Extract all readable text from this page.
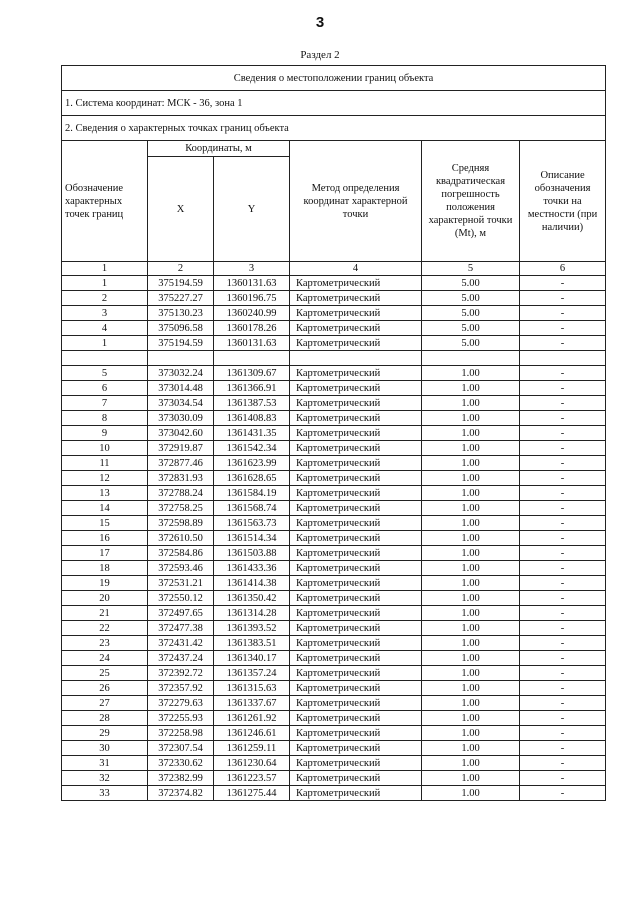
3
Раздел 2
Сведения о местоположении границ объекта					
1. Система координат: МСК - 36, зона 1					
2. Сведения о характерных точках границ объекта					
Обозначение характерных точек границ	Координаты, м		Метод определения координат характерной точки	Средняя квадратическая погрешность положения характерной точки (Mt), м	Описание обозначения точки на местности (при наличии)
	X	Y			
1	2	3	4	5	6
1	375194.59	1360131.63	Картометрический	5.00	-
2	375227.27	1360196.75	Картометрический	5.00	-
3	375130.23	1360240.99	Картометрический	5.00	-
4	375096.58	1360178.26	Картометрический	5.00	-
1	375194.59	1360131.63	Картометрический	5.00	-

5	373032.24	1361309.67	Картометрический	1.00	-
6	373014.48	1361366.91	Картометрический	1.00	-
7	373034.54	1361387.53	Картометрический	1.00	-
8	373030.09	1361408.83	Картометрический	1.00	-
9	373042.60	1361431.35	Картометрический	1.00	-
10	372919.87	1361542.34	Картометрический	1.00	-
11	372877.46	1361623.99	Картометрический	1.00	-
12	372831.93	1361628.65	Картометрический	1.00	-
13	372788.24	1361584.19	Картометрический	1.00	-
14	372758.25	1361568.74	Картометрический	1.00	-
15	372598.89	1361563.73	Картометрический	1.00	-
16	372610.50	1361514.34	Картометрический	1.00	-
17	372584.86	1361503.88	Картометрический	1.00	-
18	372593.46	1361433.36	Картометрический	1.00	-
19	372531.21	1361414.38	Картометрический	1.00	-
20	372550.12	1361350.42	Картометрический	1.00	-
21	372497.65	1361314.28	Картометрический	1.00	-
22	372477.38	1361393.52	Картометрический	1.00	-
23	372431.42	1361383.51	Картометрический	1.00	-
24	372437.24	1361340.17	Картометрический	1.00	-
25	372392.72	1361357.24	Картометрический	1.00	-
26	372357.92	1361315.63	Картометрический	1.00	-
27	372279.63	1361337.67	Картометрический	1.00	-
28	372255.93	1361261.92	Картометрический	1.00	-
29	372258.98	1361246.61	Картометрический	1.00	-
30	372307.54	1361259.11	Картометрический	1.00	-
31	372330.62	1361230.64	Картометрический	1.00	-
32	372382.99	1361223.57	Картометрический	1.00	-
33	372374.82	1361275.44	Картометрический	1.00	-
